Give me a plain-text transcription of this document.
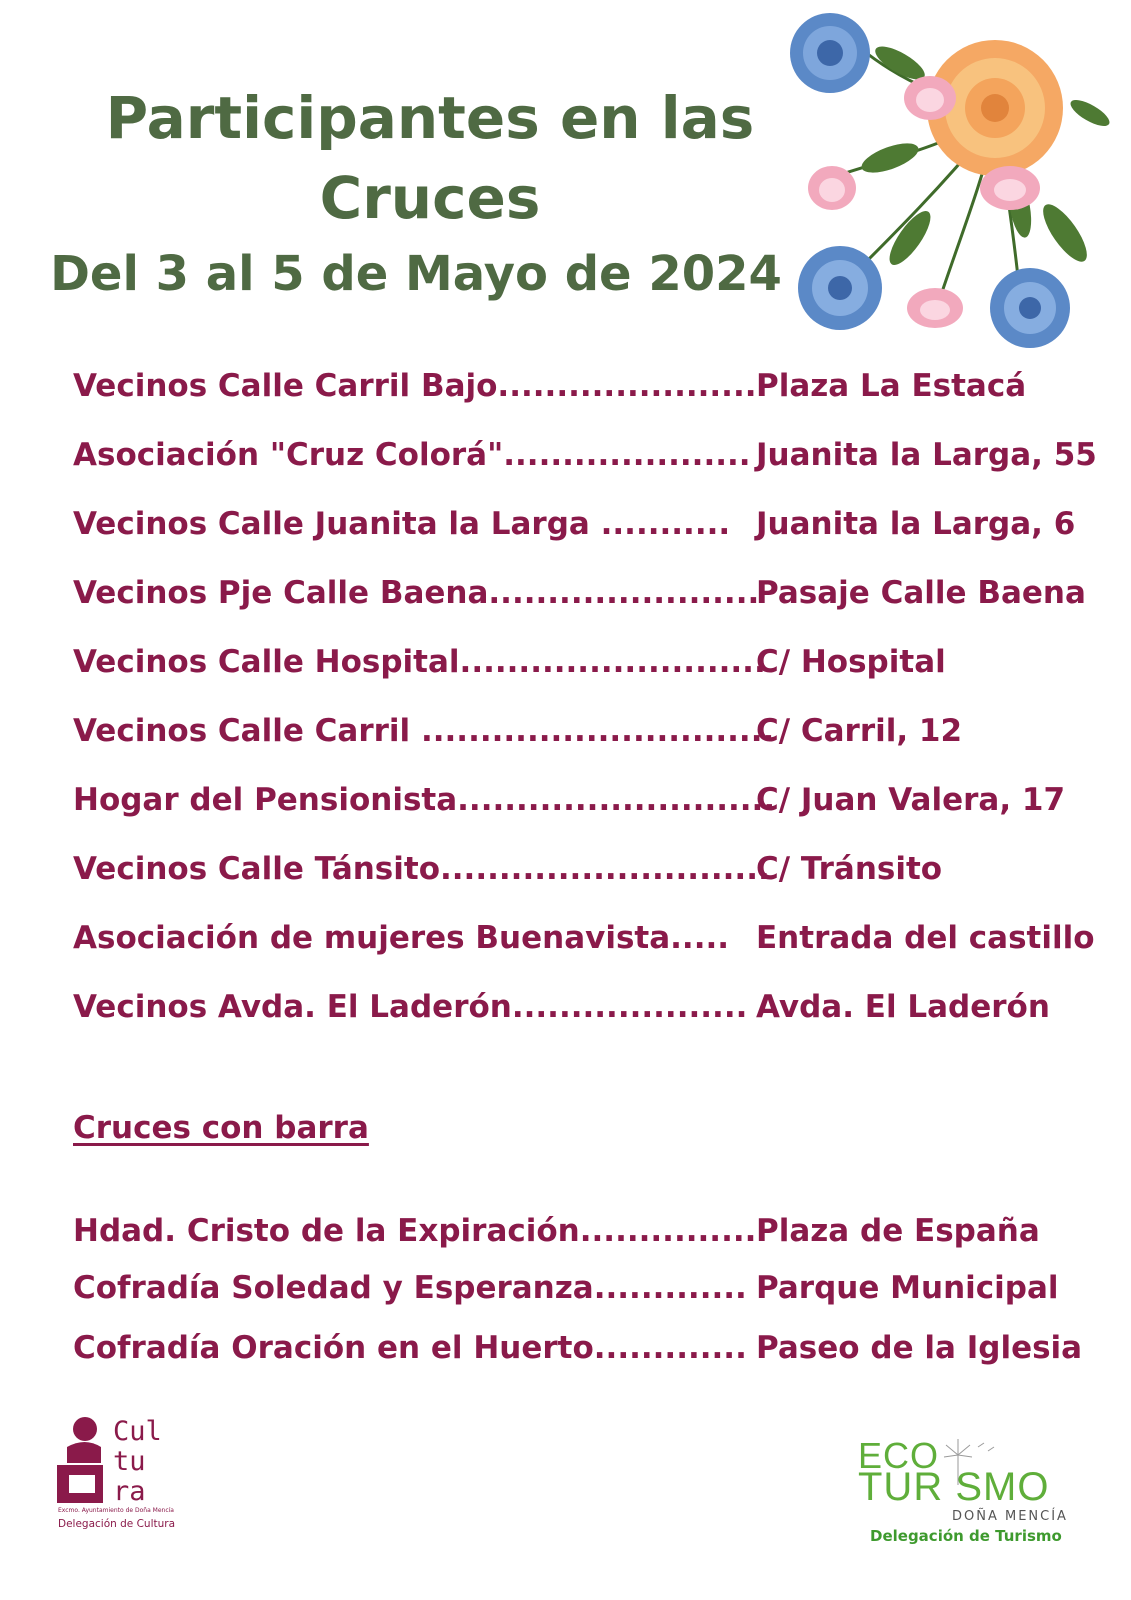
Participantes en las
Cruces
Del 3 al 5 de Mayo de 2024
Vecinos Calle Carril Bajo...................... Plaza La Estacá
Asociación "Cruz Colorá"..................... Juanita la Larga, 55
Vecinos Calle Juanita la Larga ........... Juanita la Larga, 6
Vecinos Pje Calle Baena.......................
Pasaje Calle Baena
Vecinos Calle Hospital..........................
C/ Hospital
Vecinos Calle Carril ..............................
C/ Carril, 12
Hogar del Pensionista...........................
C/ Juan Valera, 17
Vecinos Calle Tánsito............................
C/ Tránsito
Asociación de mujeres Buenavista..... Entrada del castillo
Vecinos Avda. El Laderón.................... Avda. El Laderón
Cruces con barra
Hdad. Cristo de la Expiración............... Plaza de España
Cofradía Soledad y Esperanza............. Parque Municipal
Cofradía Oración en el Huerto............. Paseo de la Iglesia

Cul

tu

ra

Excmo. Ayuntamiento de Doña Mencía

Delegación de Cultura

ECO

TUR SMO

DOÑA MENCÍA

Delegación de Turismo
